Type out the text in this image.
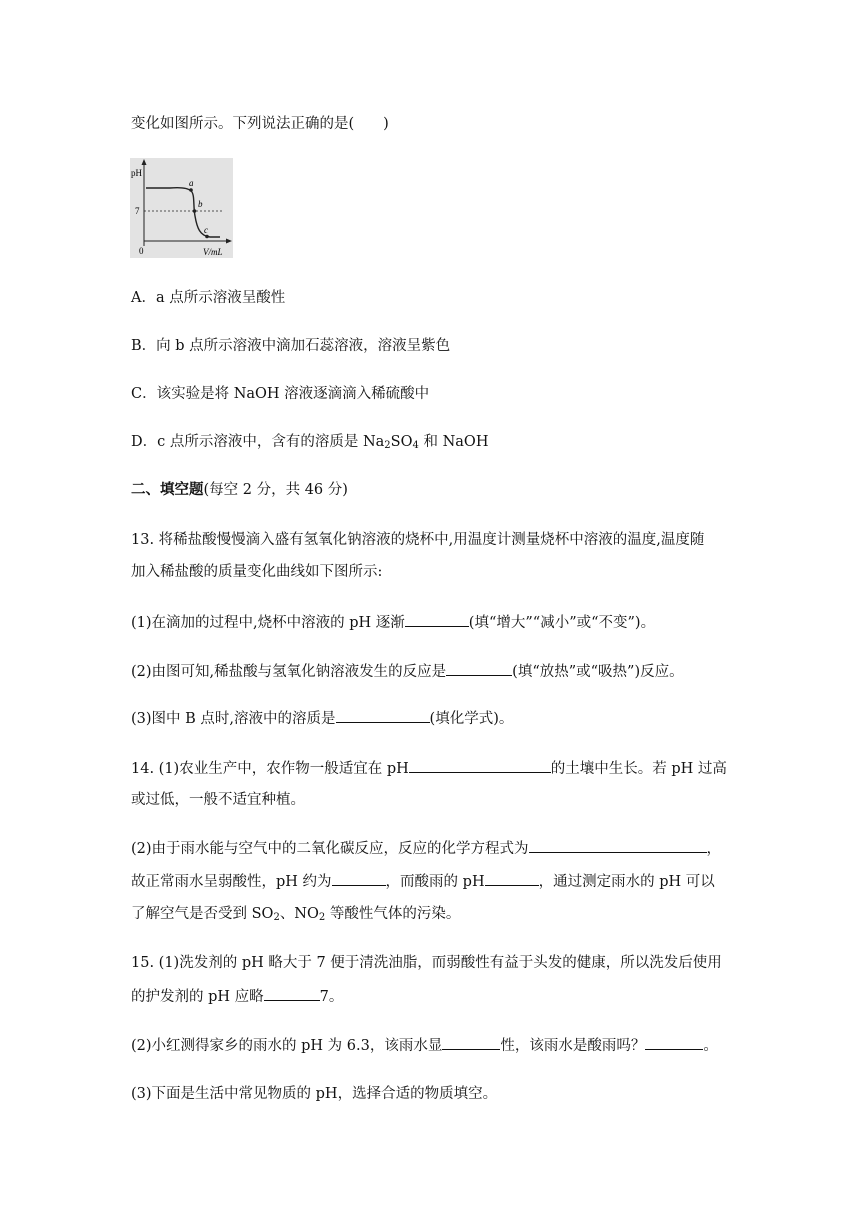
变化如图所示。下列说法正确的是(　　)
pH
7
0	V/mL
a
b
c
A．a 点所示溶液呈酸性
B．向 b 点所示溶液中滴加石蕊溶液，溶液呈紫色
C．该实验是将 NaOH 溶液逐滴滴入稀硫酸中
D．c 点所示溶液中，含有的溶质是 $Na_2SO_4$ 和 NaOH
二、填空题(每空 2 分，共 46 分)
13. 将稀盐酸慢慢滴入盛有氢氧化钠溶液的烧杯中,用温度计测量烧杯中溶液的温度,温度随
加入稀盐酸的质量变化曲线如下图所示:
(1)在滴加的过程中,烧杯中溶液的 pH 逐渐	(填“增大”“减小”或“不变”)。
(2)由图可知,稀盐酸与氢氧化钠溶液发生的反应是	(填“放热”或“吸热”)反应。
(3)图中 B 点时,溶液中的溶质是	(填化学式)。
14. (1)农业生产中，农作物一般适宜在 pH	的土壤中生长。若 pH 过高
或过低，一般不适宜种植。
(2)由于雨水能与空气中的二氧化碳反应，反应的化学方程式为	，
故正常雨水呈弱酸性，pH 约为	，而酸雨的 pH	，通过测定雨水的 pH 可以
了解空气是否受到 $SO_2$、$NO_2$ 等酸性气体的污染。
15. (1)洗发剂的 pH 略大于 7 便于清洗油脂，而弱酸性有益于头发的健康，所以洗发后使用
的护发剂的 pH 应略	7。
(2)小红测得家乡的雨水的 pH 为 6.3，该雨水显	性，该雨水是酸雨吗？	。
(3)下面是生活中常见物质的 pH，选择合适的物质填空。
